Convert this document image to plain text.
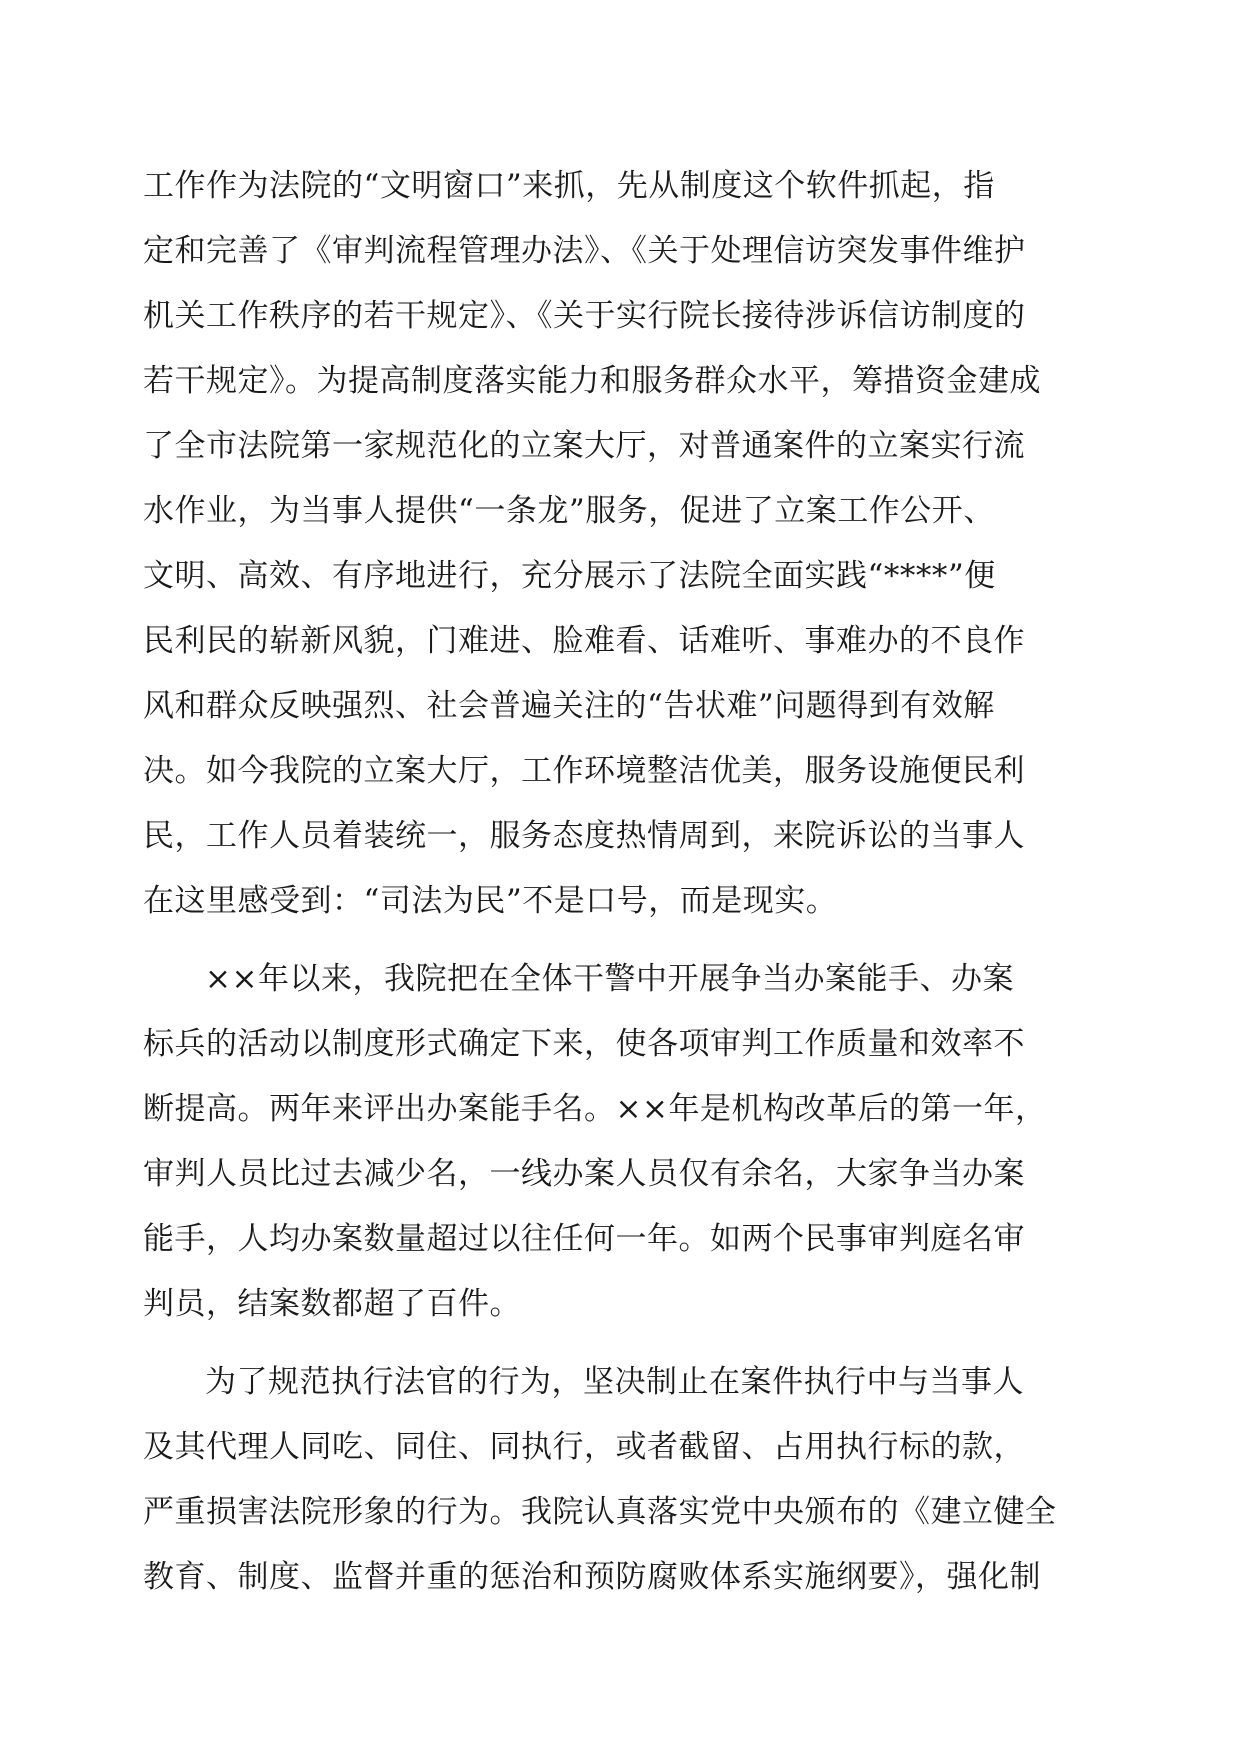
工作作为法院的“文明窗口”来抓，先从制度这个软件抓起，指
定和完善了《审判流程管理办法》、《关于处理信访突发事件维护
机关工作秩序的若干规定》、《关于实行院长接待涉诉信访制度的
若干规定》。为提高制度落实能力和服务群众水平，筹措资金建成
了全市法院第一家规范化的立案大厅，对普通案件的立案实行流
水作业，为当事人提供“一条龙”服务，促进了立案工作公开、
文明、高效、有序地进行，充分展示了法院全面实践“****”便
民利民的崭新风貌，门难进、脸难看、话难听、事难办的不良作
风和群众反映强烈、社会普遍关注的“告状难”问题得到有效解
决。如今我院的立案大厅，工作环境整洁优美，服务设施便民利
民，工作人员着装统一，服务态度热情周到，来院诉讼的当事人
在这里感受到：“司法为民”不是口号，而是现实。
××年以来，我院把在全体干警中开展争当办案能手、办案
标兵的活动以制度形式确定下来，使各项审判工作质量和效率不
断提高。两年来评出办案能手名。××年是机构改革后的第一年，
审判人员比过去减少名，一线办案人员仅有余名，大家争当办案
能手，人均办案数量超过以往任何一年。如两个民事审判庭名审
判员，结案数都超了百件。
为了规范执行法官的行为，坚决制止在案件执行中与当事人
及其代理人同吃、同住、同执行，或者截留、占用执行标的款，
严重损害法院形象的行为。我院认真落实党中央颁布的《建立健全
教育、制度、监督并重的惩治和预防腐败体系实施纲要》，强化制
